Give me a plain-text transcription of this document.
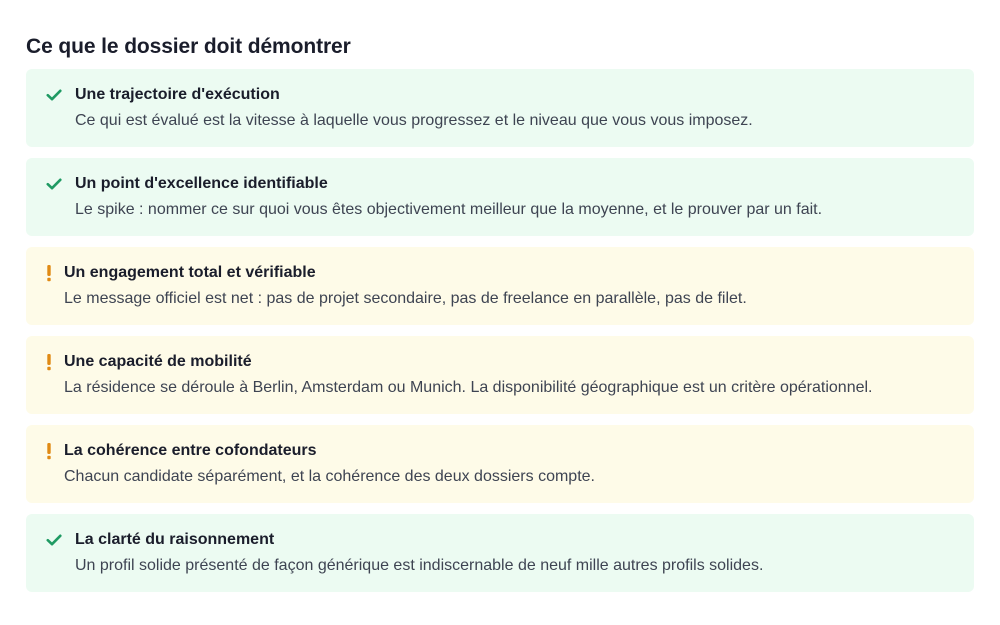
Ce que le dossier doit démontrer
Une trajectoire d'exécution
Ce qui est évalué est la vitesse à laquelle vous progressez et le niveau que vous vous imposez.
Un point d'excellence identifiable
Le spike : nommer ce sur quoi vous êtes objectivement meilleur que la moyenne, et le prouver par un fait.
Un engagement total et vérifiable
Le message officiel est net : pas de projet secondaire, pas de freelance en parallèle, pas de filet.
Une capacité de mobilité
La résidence se déroule à Berlin, Amsterdam ou Munich. La disponibilité géographique est un critère opérationnel.
La cohérence entre cofondateurs
Chacun candidate séparément, et la cohérence des deux dossiers compte.
La clarté du raisonnement
Un profil solide présenté de façon générique est indiscernable de neuf mille autres profils solides.
